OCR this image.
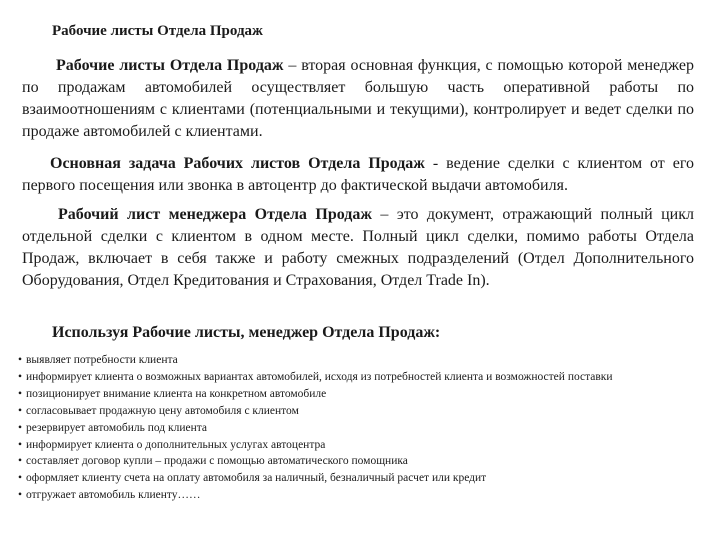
Рабочие листы Отдела Продаж

Рабочие листы Отдела Продаж – вторая основная функция, с помощью которой менеджер по продажам автомобилей осуществляет большую часть оперативной работы по взаимоотношениям с клиентами (потенциальными и текущими), контролирует и ведет сделки по продаже автомобилей с клиентами.

Основная задача Рабочих листов Отдела Продаж - ведение сделки с клиентом от его первого посещения или звонка в автоцентр до фактической выдачи автомобиля.

Рабочий лист менеджера Отдела Продаж – это документ, отражающий полный цикл отдельной сделки с клиентом в одном месте. Полный цикл сделки, помимо работы Отдела Продаж, включает в себя также и работу смежных подразделений (Отдел Дополнительного Оборудования, Отдел Кредитования и Страхования, Отдел Trade In).

Используя Рабочие листы, менеджер Отдела Продаж:

• выявляет потребности клиента
• информирует клиента о возможных вариантах автомобилей, исходя из потребностей клиента и возможностей поставки
• позиционирует внимание клиента на конкретном автомобиле
• согласовывает продажную цену автомобиля с клиентом
• резервирует автомобиль под клиента
• информирует клиента о дополнительных услугах автоцентра
• составляет договор купли – продажи с помощью автоматического помощника
• оформляет клиенту счета на оплату автомобиля за наличный, безналичный расчет или кредит
• отгружает автомобиль клиенту……
